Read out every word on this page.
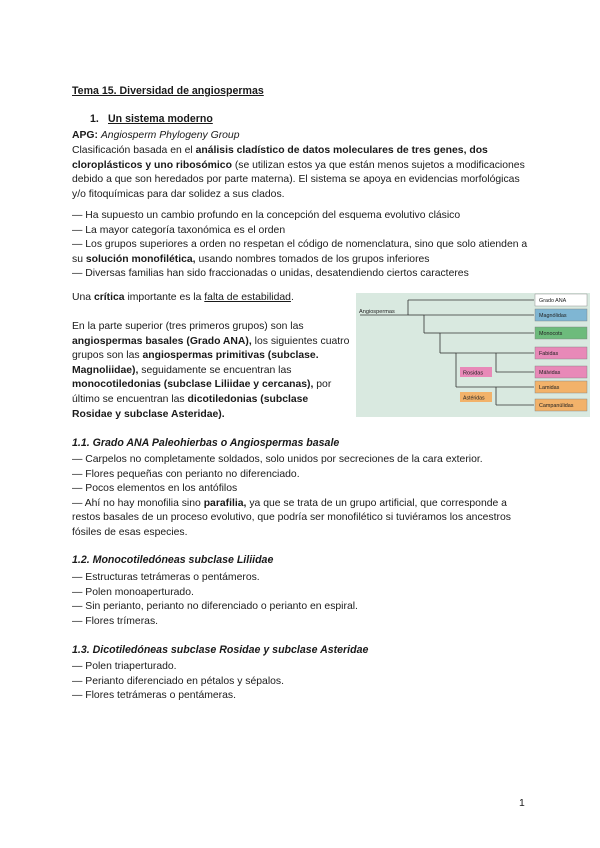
Tema 15. Diversidad de angiospermas

1. Un sistema moderno

APG: Angiosperm Phylogeny Group

Clasificación basada en el análisis cladístico de datos moleculares de tres genes, dos cloroplásticos y uno ribosómico (se utilizan estos ya que están menos sujetos a modificaciones debido a que son heredados por parte materna). El sistema se apoya en evidencias morfológicas y/o fitoquímicas para dar solidez a sus clados.

— Ha supuesto un cambio profundo en la concepción del esquema evolutivo clásico
— La mayor categoría taxonómica es el orden
— Los grupos superiores a orden no respetan el código de nomenclatura, sino que solo atienden a su solución monofilética, usando nombres tomados de los grupos inferiores
— Diversas familias han sido fraccionadas o unidas, desatendiendo ciertos caracteres

Una crítica importante es la falta de estabilidad.

En la parte superior (tres primeros grupos) son las angiospermas basales (Grado ANA), los siguientes cuatro grupos son las angiospermas primitivas (subclase. Magnoliidae), seguidamente se encuentran las monocotiledonias (subclase Liliidae y cercanas), por último se encuentran las dicotiledonias (subclase Rosidae y subclase Asteridae).

Angiospermas
Rosidas
Astéridas
Grado ANA
Magnólidas
Monocots
Fabidas
Málvidas
Lamidas
Campanúlidas

1.1. Grado ANA Paleohierbas o Angiospermas basale

— Carpelos no completamente soldados, solo unidos por secreciones de la cara exterior.
— Flores pequeñas con perianto no diferenciado.
— Pocos elementos en los antófilos
— Ahí no hay monofilia sino parafilia, ya que se trata de un grupo artificial, que corresponde a restos basales de un proceso evolutivo, que podría ser monofilético si tuviéramos los ancestros fósiles de esas especies.

1.2. Monocotiledóneas subclase Liliidae

— Estructuras tetrámeras o pentámeros.
— Polen monoaperturado.
— Sin perianto, perianto no diferenciado o perianto en espiral.
— Flores trímeras.

1.3. Dicotiledóneas subclase Rosidae y subclase Asteridae

— Polen triaperturado.
— Perianto diferenciado en pétalos y sépalos.
— Flores tetrámeras o pentámeras.
1
